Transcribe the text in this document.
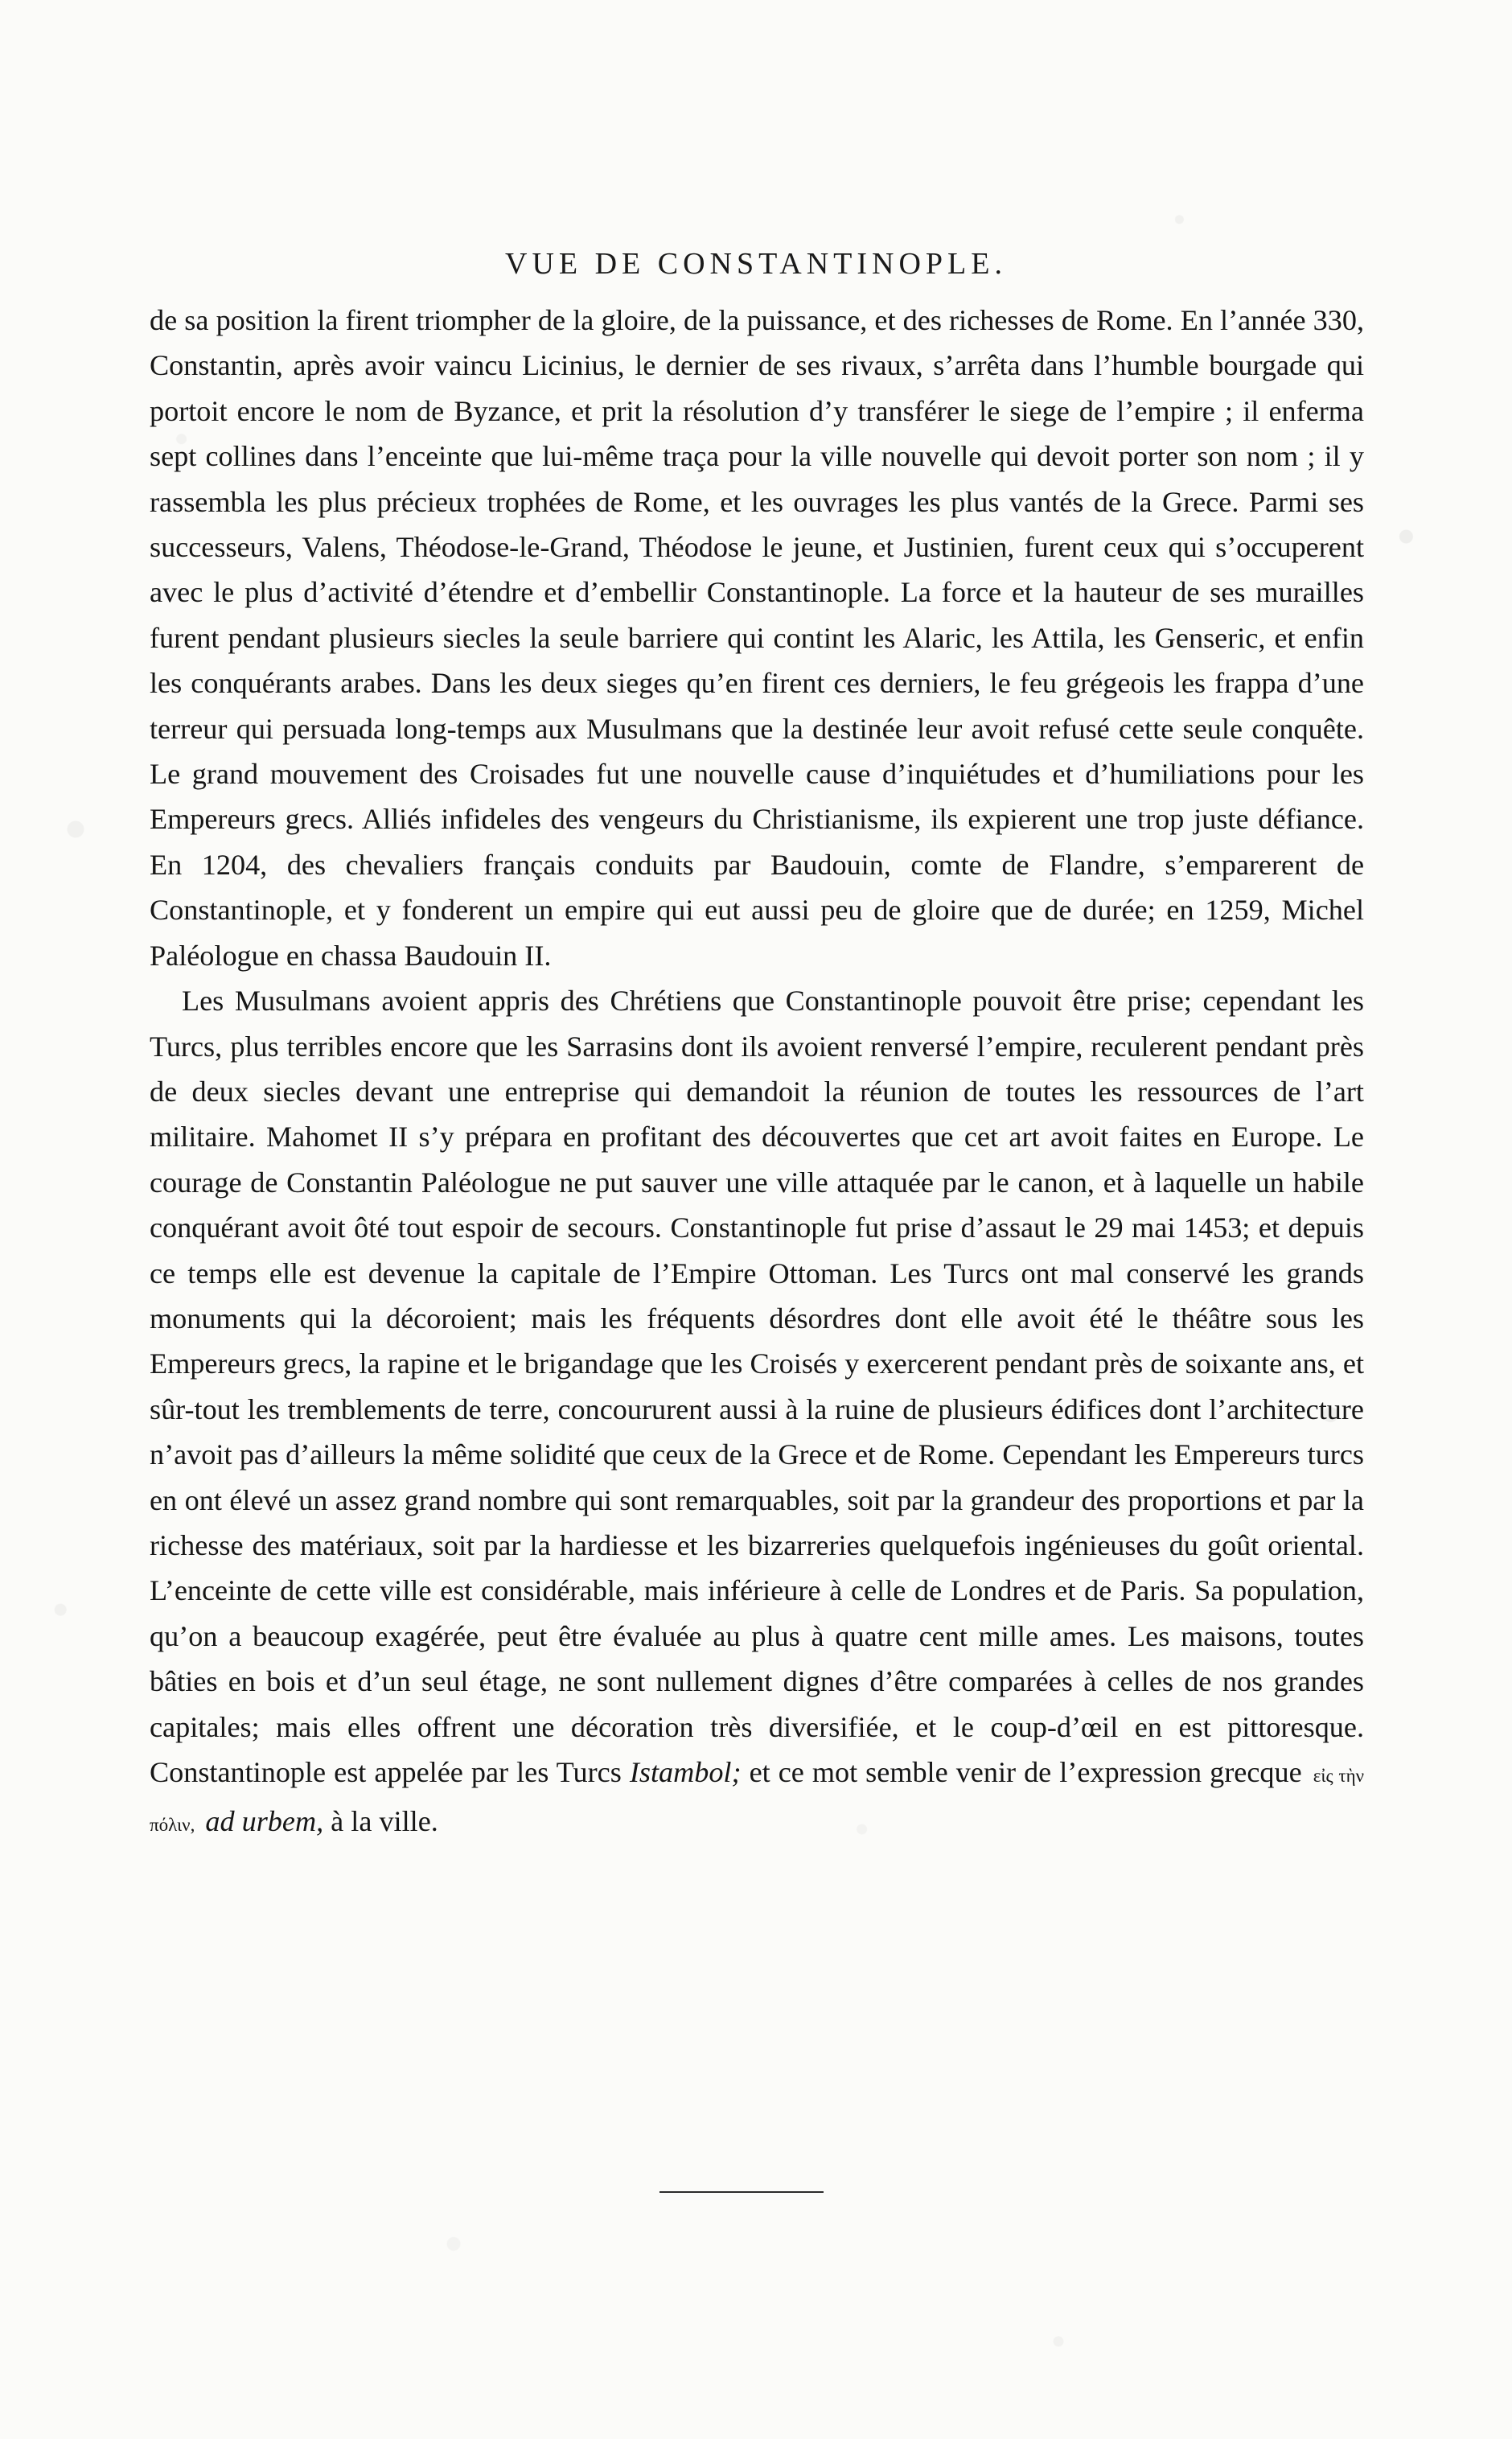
VUE DE CONSTANTINOPLE.

de sa position la firent triompher de la gloire, de la puissance, et des richesses de Rome. En l’année 330, Constantin, après avoir vaincu Licinius, le dernier de ses rivaux, s’arrêta dans l’humble bourgade qui portoit encore le nom de Byzance, et prit la résolution d’y transférer le siege de l’empire ; il enferma sept collines dans l’enceinte que lui-même traça pour la ville nouvelle qui devoit porter son nom ; il y rassembla les plus précieux trophées de Rome, et les ouvrages les plus vantés de la Grece. Parmi ses successeurs, Valens, Théodose-le-Grand, Théodose le jeune, et Justinien, furent ceux qui s’occuperent avec le plus d’activité d’étendre et d’embellir Constantinople. La force et la hauteur de ses murailles furent pendant plusieurs siecles la seule barriere qui contint les Alaric, les Attila, les Genseric, et enfin les conquérants arabes. Dans les deux sieges qu’en firent ces derniers, le feu grégeois les frappa d’une terreur qui persuada long-temps aux Musulmans que la destinée leur avoit refusé cette seule conquête. Le grand mouvement des Croisades fut une nouvelle cause d’inquiétudes et d’humiliations pour les Empereurs grecs. Alliés infideles des vengeurs du Christianisme, ils expierent une trop juste défiance. En 1204, des chevaliers français conduits par Baudouin, comte de Flandre, s’emparerent de Constantinople, et y fonderent un empire qui eut aussi peu de gloire que de durée; en 1259, Michel Paléologue en chassa Baudouin II.

Les Musulmans avoient appris des Chrétiens que Constantinople pouvoit être prise; cependant les Turcs, plus terribles encore que les Sarrasins dont ils avoient renversé l’empire, reculerent pendant près de deux siecles devant une entreprise qui demandoit la réunion de toutes les ressources de l’art militaire. Mahomet II s’y prépara en profitant des découvertes que cet art avoit faites en Europe. Le courage de Constantin Paléologue ne put sauver une ville attaquée par le canon, et à laquelle un habile conquérant avoit ôté tout espoir de secours. Constantinople fut prise d’assaut le 29 mai 1453; et depuis ce temps elle est devenue la capitale de l’Empire Ottoman. Les Turcs ont mal conservé les grands monuments qui la décoroient; mais les fréquents désordres dont elle avoit été le théâtre sous les Empereurs grecs, la rapine et le brigandage que les Croisés y exercerent pendant près de soixante ans, et sûr-tout les tremblements de terre, concoururent aussi à la ruine de plusieurs édifices dont l’architecture n’avoit pas d’ailleurs la même solidité que ceux de la Grece et de Rome. Cependant les Empereurs turcs en ont élevé un assez grand nombre qui sont remarquables, soit par la grandeur des proportions et par la richesse des matériaux, soit par la hardiesse et les bizarreries quelquefois ingénieuses du goût oriental. L’enceinte de cette ville est considérable, mais inférieure à celle de Londres et de Paris. Sa population, qu’on a beaucoup exagérée, peut être évaluée au plus à quatre cent mille ames. Les maisons, toutes bâties en bois et d’un seul étage, ne sont nullement dignes d’être comparées à celles de nos grandes capitales; mais elles offrent une décoration très diversifiée, et le coup-d’œil en est pittoresque. Constantinople est appelée par les Turcs Istambol; et ce mot semble venir de l’expression grecque εἰς τὴν πόλιν, ad urbem, à la ville.
